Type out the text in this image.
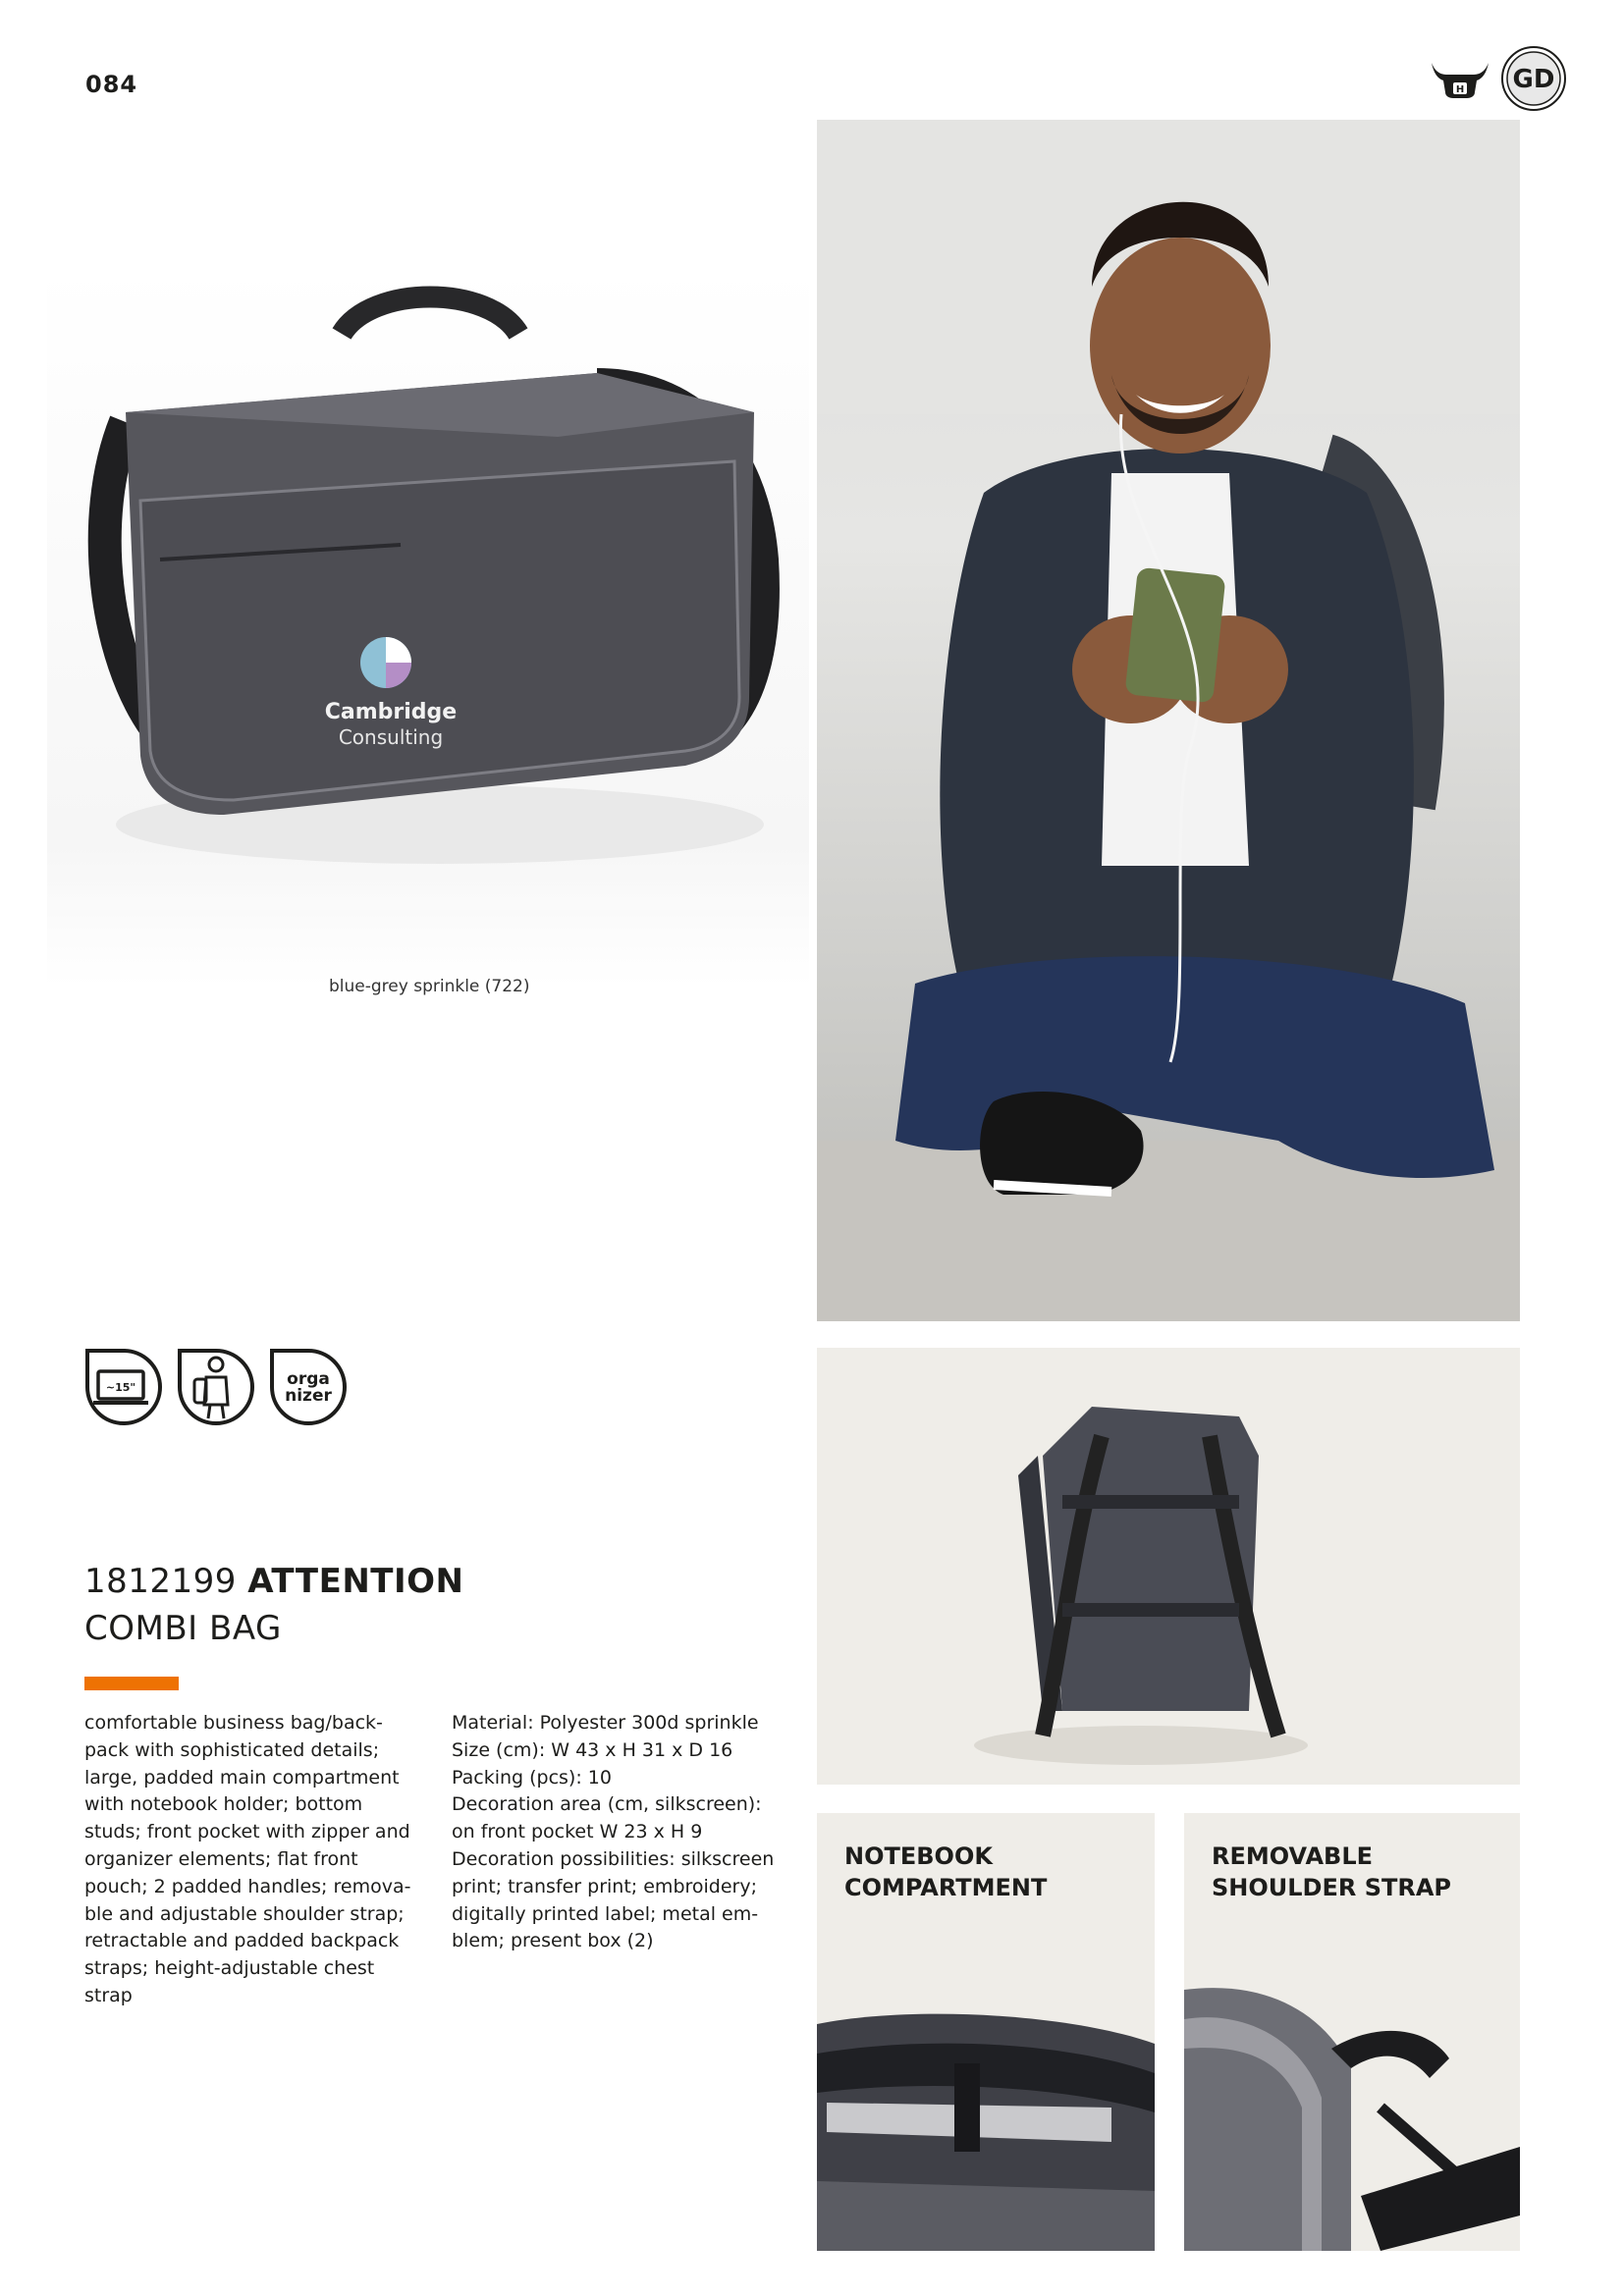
084	H GD
Cambridge
Consulting
blue-grey sprinkle (722)
~15"	orga
nizer
1812199 ATTENTION
COMBI BAG
comfortable business bag/back-pack with sophisticated details; large, padded main compartment with notebook holder; bottom studs; front pocket with zipper and organizer elements; flat front pouch; 2 padded handles; remova-ble and adjustable shoulder strap; retractable and padded backpack straps; height-adjustable chest strap
Material: Polyester 300d sprinkle
Size (cm): W 43 x H 31 x D 16
Packing (pcs): 10
Decoration area (cm, silkscreen): on front pocket W 23 x H 9
Decoration possibilities: silkscreen print; transfer print; embroidery; digitally printed label; metal em-blem; present box (2)
NOTEBOOK
COMPARTMENT
REMOVABLE
SHOULDER STRAP
